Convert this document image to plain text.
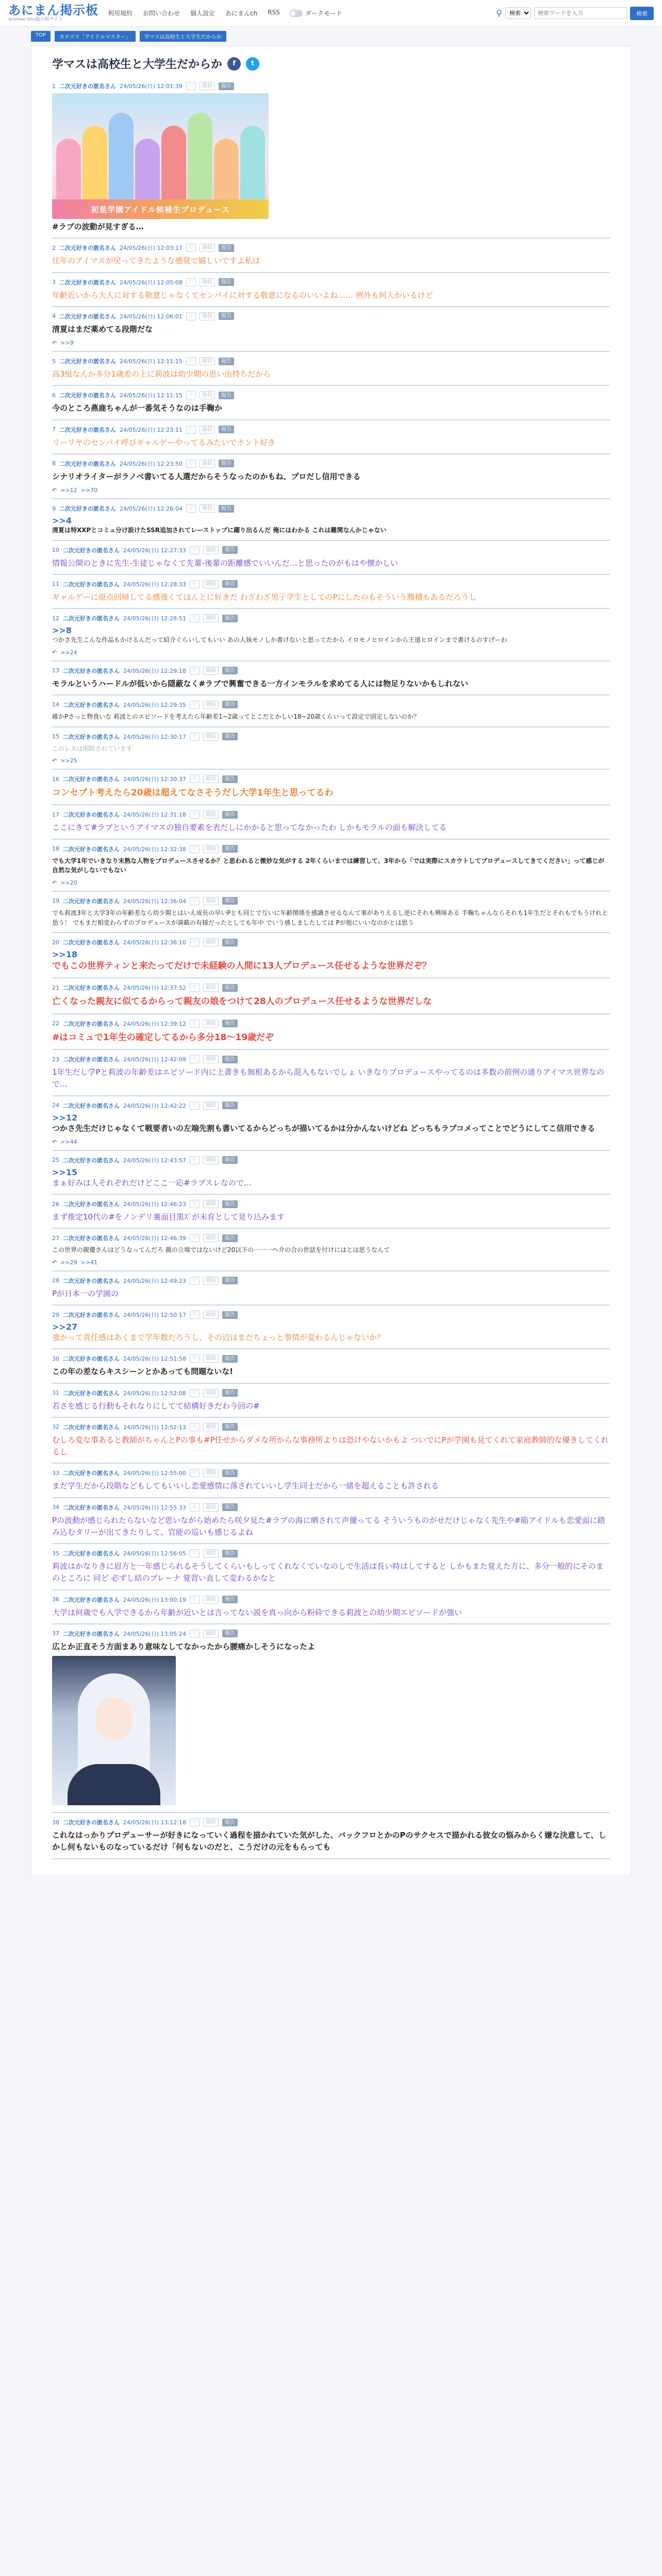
あにまん掲示板
animan bbs掲示板サイト
利用規約 お問い合わせ 個人設定 あにまんch RSS	ダークモード	⚲
検索
検索ワードを入力	検索
TOP	カテゴリ「アイドルマスター」	学マスは高校生と大学生だからか
学マスは高校生と大学生だからか	f	t
1 二次元好きの匿名さん 24/05/26(日) 12:01:39	♡	返信	報告
初星学園アイドル候補生プロデュース
#ラブの波動が見すぎる…
2 二次元好きの匿名さん 24/05/26(日) 12:03:17	♡	返信	報告
往年のアイマスが戻ってきたような感覚で嬉しいですよ私は
3 二次元好きの匿名さん 24/05/26(日) 12:05:08	♡	返信	報告
年齢近いから大人に対する敬意じゃなくてセンパイに対する敬意になるのいいよね…… 例外も何人かいるけど
4 二次元好きの匿名さん 24/05/26(日) 12:06:01	♡	返信	報告
清夏はまだ薬めてる段階だな
↶ >>9
5 二次元好きの匿名さん 24/05/26(日) 12:11:15	♡	返信	報告
高3組なんか多分1歳差の上に莉波は幼少期の思い出持ちだから
6 二次元好きの匿名さん 24/05/26(日) 12:11:15	♡	返信	報告
今のところ燕鹿ちゃんが一番気そうなのは手鞠か
7 二次元好きの匿名さん 24/05/26(日) 12:23:11	♡	返信	報告
リーリヤのセンパイ呼びギャルゲーやってるみたいでホント好き
8 二次元好きの匿名さん 24/05/26(日) 12:23:50	♡	返信	報告
シナリオライターがラノベ書いてる人選だからそうなったのかもね、プロだし信用できる
↶ >>12 >>70
9 二次元好きの匿名さん 24/05/26(日) 12:26:04	♡	返信	報告
>>4
清夏は特XXPとコミュ分け設けたSSR追加されてレーストップに躍り出るんだ 俺にはわかる これは難関なんかじゃない
10 二次元好きの匿名さん 24/05/26(日) 12:27:33	♡	返信	報告
情報公開のときに先生-生徒じゃなくて先輩-後輩の距離感でいいんだ…と思ったのがもはや懐かしい
11 二次元好きの匿名さん 24/05/26(日) 12:28:33	♡	返信	報告
ギャルゲーに原点回帰してる感強くてほんとに好きだ わざわざ男子学生としてのPにしたのもそういう腹積もあるだろうし
12 二次元好きの匿名さん 24/05/26(日) 12:28:51	♡	返信	報告
>>8
つかさ先生こんな作品もかけるんだって紹介ぐらいしてもいい あの人妹モノしか書けないと思ってたから イロモノヒロインから王道ヒロインまで書けるのすげーわ
↶ >>24
13 二次元好きの匿名さん 24/05/26(日) 12:29:18	♡	返信	報告
モラルというハードルが低いから隠蔽なく#ラブで興奮できる一方インモラルを求めてる人には物足りないかもしれない
14 二次元好きの匿名さん 24/05/26(日) 12:29:35	♡	返信	報告
確かPさっと物食いな 莉波とのエピソードを考えたら年齢差1~2歳ってとこだとかしい18~20歳くらいって設定で固定しないのか？
15 二次元好きの匿名さん 24/05/26(日) 12:30:17	♡	返信	報告
このレスは削除されています
↶ >>25
16 二次元好きの匿名さん 24/05/26(日) 12:30:37	♡	返信	報告
コンセプト考えたら20歳は超えてなさそうだし大学1年生と思ってるわ
17 二次元好きの匿名さん 24/05/26(日) 12:31:18	♡	返信	報告
ここにきて#ラブというアイマスの独自要素を表だしにかかると思ってなかったわ しかもモラルの面も解決してる
18 二次元好きの匿名さん 24/05/26(日) 12:32:38	♡	返信	報告
でも大学1年でいきなり未熟な人物をプロデュースさせるか？と思われると微妙な気がする 2年くらいまでは練習して、3年から「では実際にスカウトしてプロデュースしてきてください」って感じが自然な気がしないでもない
↶ >>20
19 二次元好きの匿名さん 24/05/26(日) 12:36:04	♡	返信	報告
でも莉波3年と大学3年の年齢差なら幼少期とはいえ成長の早いPとも同じで互いに年齢関係を感識させるなんて事がありえるし逆にそれも興味ある 手鞠ちゃんならそれも1年生だとそれもでもうけれと思う！ でもまだ相変わらずのプロデュースが満載の有様だったとしても年中 でいう感しましたしては Pが他にいいなのかとは思う
20 二次元好きの匿名さん 24/05/26(日) 12:36:10	♡	返信	報告
>>18
でもこの世界ティンと来たってだけで未経験の人間に13人プロデュース任せるような世界だぞ？
21 二次元好きの匿名さん 24/05/26(日) 12:37:52	♡	返信	報告
亡くなった親友に似てるからって親友の娘をつけて28人のプロデュース任せるような世界だしな
22 二次元好きの匿名さん 24/05/26(日) 12:39:12	♡	返信	報告
#はコミュで1年生の確定してるから多分18～19歳だぞ
23 二次元好きの匿名さん 24/05/26(日) 12:42:09	♡	返信	報告
1年生だし学Pと莉波の年齢差はエピソード内に上書きも無根あるから混入もないでしょ いきなりプロデュースやってるのは多数の前例の通りアイマス世界なので…
24 二次元好きの匿名さん 24/05/26(日) 12:42:22	♡	返信	報告
>>12
つかさ先生だけじゃなくて戦要者いの左端先割も書いてるからどっちが描いてるかは分かんないけどね どっちもラブコメってことでどうにしてこ信用できる
↶ >>44
25 二次元好きの匿名さん 24/05/26(日) 12:43:57	♡	返信	報告
>>15
まぁ好みは人それぞれだけどここ一応#ラブスレなので…
26 二次元好きの匿名さん 24/05/26(日) 12:46:23	♡	返信	報告
まず推定10代の#をノンデリ裏面目黒ｽﾞが未育として見り込みます
27 二次元好きの匿名さん 24/05/26(日) 12:46:39	♡	返信	報告
この世界の親優さんはどうなってんだろ 親の立場ではないけど20以下の一一一へ介の合の世話を付けにはとは思うなんて
↶ >>29 >>41
28 二次元好きの匿名さん 24/05/26(日) 12:49:23	♡	返信	報告
Pが日本一の学園の
29 二次元好きの匿名さん 24/05/26(日) 12:50:17	♡	返信	報告
>>27
強かって責任感はあくまで学年数だろうし、その辺はまだちょっと事情が変わるんじゃないか？
30 二次元好きの匿名さん 24/05/26(日) 12:51:58	♡	返信	報告
この年の差ならキスシーンとかあっても問題ないな!
31 二次元好きの匿名さん 24/05/26(日) 12:52:08	♡	返信	報告
若さを感じる行動もそれなりにしてて結構好きだわ今回の#
32 二次元好きの匿名さん 24/05/26(日) 12:52:13	♡	返信	報告
むしろ変な事あると教師がちゃんとPの事も#P任せからダメな所からな事務所よりは恐けやないかもよ ついでにPが学園も見てくれて家庭教師的な優きしてくれるし
33 二次元好きの匿名さん 24/05/26(日) 12:55:00	♡	返信	報告
まだ学生だから段階などもしてもいいし恋愛感情に落されていいし学生同士だから一緒を超えることも許される
34 二次元好きの匿名さん 24/05/26(日) 12:55:33	♡	返信	報告
Pの波動が感じられたらないなど思いながら始めたら咲夕見た#ラブの海に晒されて声優ってる そういうものがせだけじゃなく先生や#陥アイドルも恋愛面に踏み込むタリーが出てきたりして、官能の巡いも感じるよね
35 二次元好きの匿名さん 24/05/26(日) 12:56:05	♡	返信	報告
莉波はかなりきに眉方と一年感じられるそうしてくらいもしってくれなくていなのしで生活は長い時はしてすると しかもまた覚えた方に、多分一般的にそのまのところに 同ど 必ずし結のプレーナ 覚習い直して変わるかなと
36 二次元好きの匿名さん 24/05/26(日) 13:00:19	♡	返信	報告
大学は何歳でも入学できるから年齢が近いとは言ってない説を真っ向から粉砕できる莉波との幼少期エピソードが強い
37 二次元好きの匿名さん 24/05/26(日) 13:05:24	♡	返信	報告
広とか正直そう方面まあり意味なしてなかったから腰痛かしそうになったよ
38 二次元好きの匿名さん 24/05/26(日) 13:12:18	♡	返信	報告
これなはっかりプロデューサーが好きになっていく過程を描かれていた気がした、バックフロとかのPのサクセスで描かれる彼女の悩みからく嫌な決意して、しかし何もないものなっているだけ「何もないのだと、こうだけの元をもらっても
